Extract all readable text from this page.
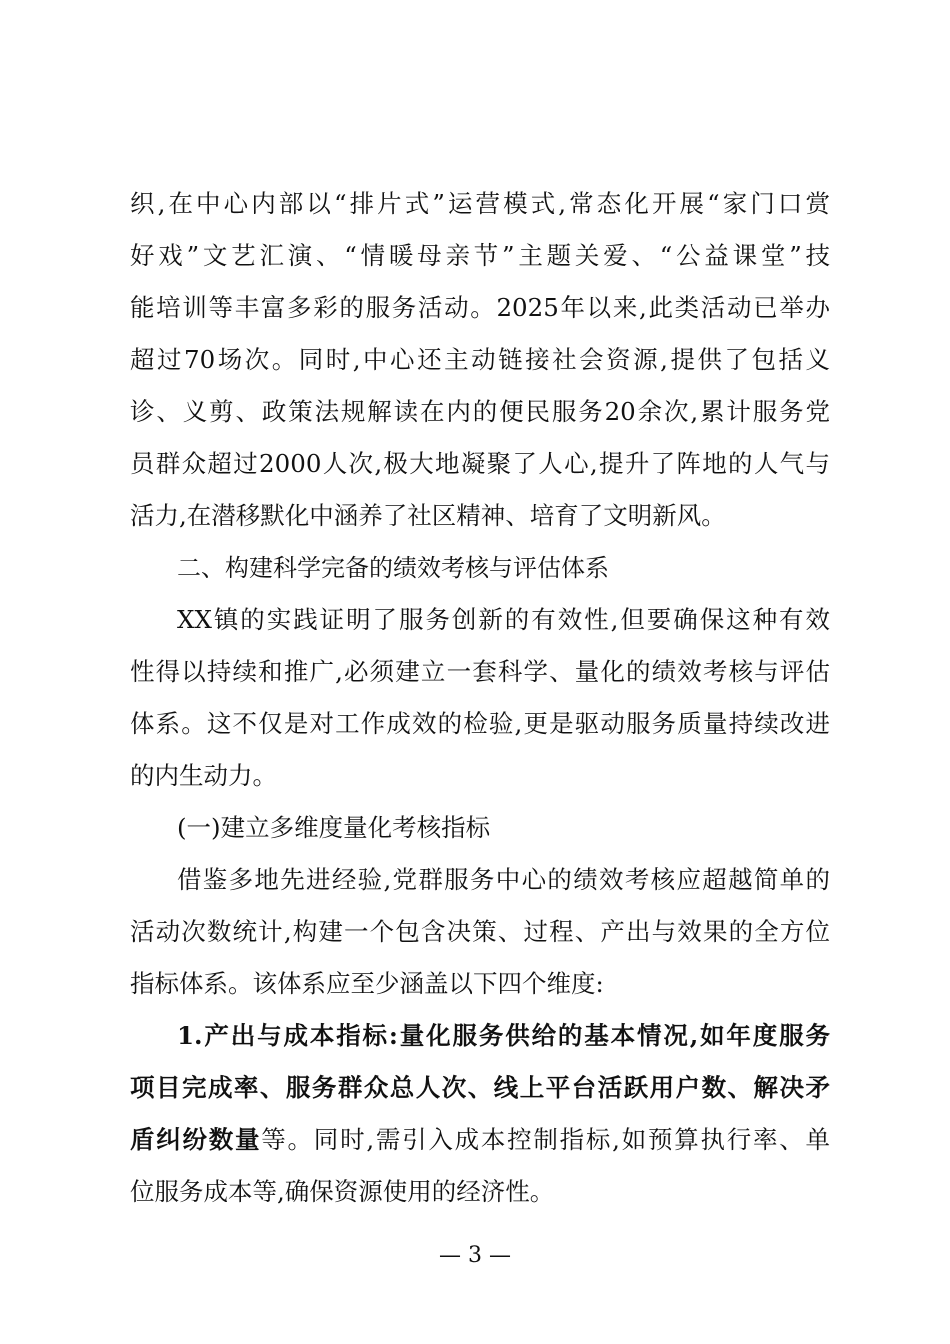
织,在中心内部以“排片式”运营模式,常态化开展“家门口赏
好戏”文艺汇演、“情暖母亲节”主题关爱、“公益课堂”技
能培训等丰富多彩的服务活动。2025年以来,此类活动已举办
超过70场次。同时,中心还主动链接社会资源,提供了包括义
诊、义剪、政策法规解读在内的便民服务20余次,累计服务党
员群众超过2000人次,极大地凝聚了人心,提升了阵地的人气与
活力,在潜移默化中涵养了社区精神、培育了文明新风。
二、构建科学完备的绩效考核与评估体系
XX镇的实践证明了服务创新的有效性,但要确保这种有效
性得以持续和推广,必须建立一套科学、量化的绩效考核与评估
体系。这不仅是对工作成效的检验,更是驱动服务质量持续改进
的内生动力。
(一)建立多维度量化考核指标
借鉴多地先进经验,党群服务中心的绩效考核应超越简单的
活动次数统计,构建一个包含决策、过程、产出与效果的全方位
指标体系。该体系应至少涵盖以下四个维度:
1.产出与成本指标:量化服务供给的基本情况,如年度服务
项目完成率、服务群众总人次、线上平台活跃用户数、解决矛
盾纠纷数量等。同时,需引入成本控制指标,如预算执行率、单
位服务成本等,确保资源使用的经济性。
— 3 —
